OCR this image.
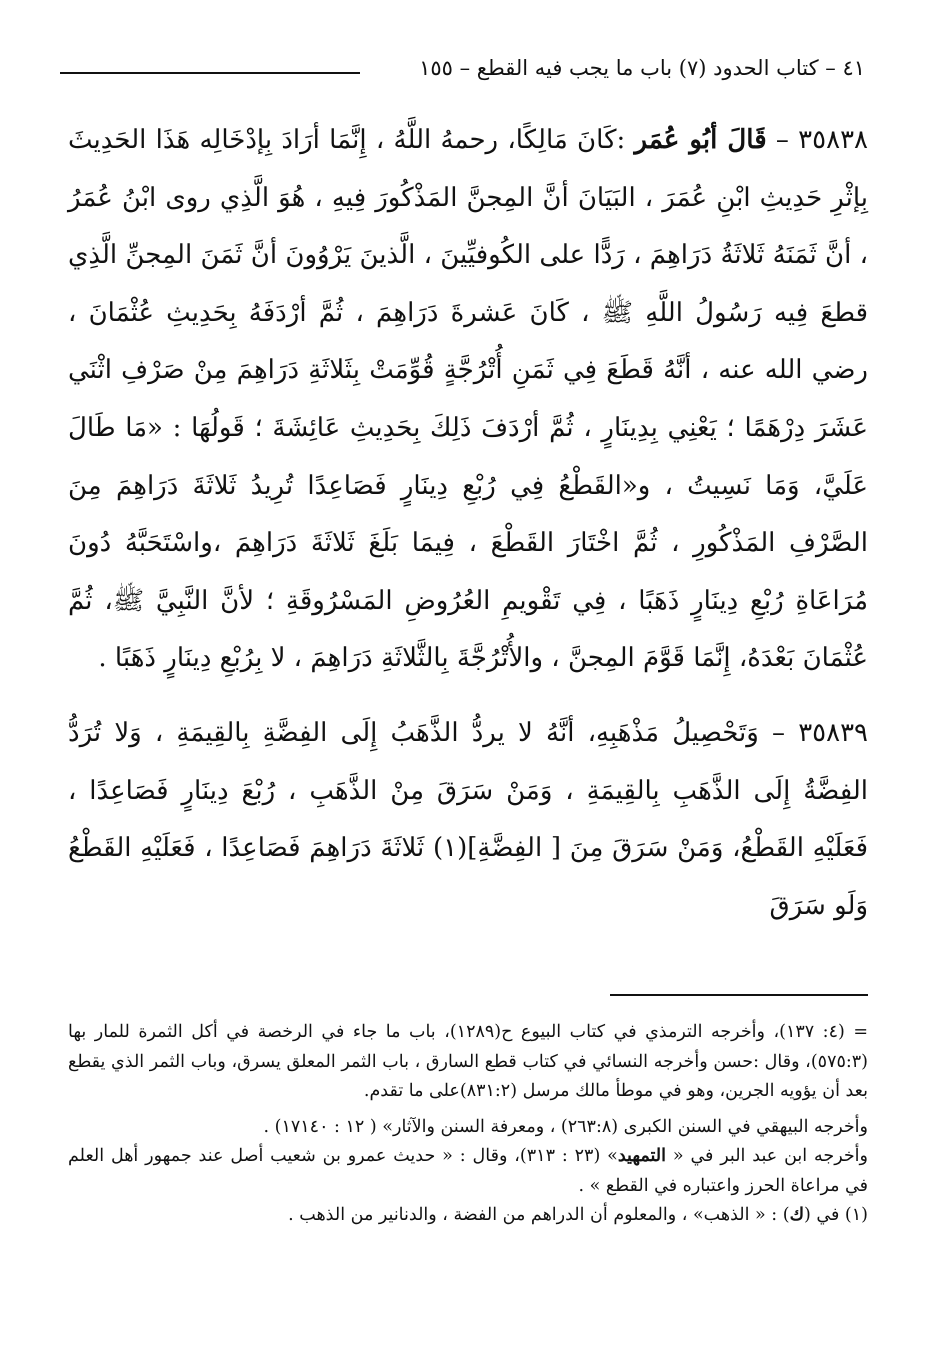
٤١ – كتاب الحدود (٧) باب ما يجب فيه القطع – ١٥٥

٣٥٨٣٨ – قَالَ أبُو عُمَر :كَانَ مَالِكًا، رحمهُ اللَّهُ ، إِنَّمَا أرَادَ بِإدْخَالِه هَذَا الحَدِيثَ بِإثْرِ حَدِيثِ ابْنِ عُمَرَ ، البَيَانَ أنَّ المِجنَّ المَذْكُورَ فِيهِ ، هُوَ الَّذِي روى ابْنُ عُمَرُ ، أنَّ ثَمَنَهُ ثَلاثَةُ دَرَاهِمَ ، رَدًّا على الكُوفيِّينَ ، الَّذينَ يَرْوُونَ أنَّ ثَمَنَ المِجنِّ الَّذِي قطعَ فِيه رَسُولُ اللَّهِ ﷺ ، كَانَ عَشرةَ دَرَاهِمَ ، ثُمَّ أرْدَفَهُ بِحَدِيثِ عُثْمَانَ ، رضي الله عنه ، أنَّهُ قَطَعَ فِي ثَمَنِ أُتْرُجَّةٍ قُوِّمَتْ بِثَلاثَةِ دَرَاهِمَ مِنْ صَرْفِ اثْنَي عَشَرَ دِرْهَمًا ؛ يَعْنِي بِدِينَارٍ ، ثُمَّ أرْدَفَ ذَلِكَ بِحَدِيثِ عَائِشَةَ ؛ قَولُهَا : «مَا طَالَ عَلَيَّ، وَمَا نَسِيتُ ، و«القَطْعُ فِي رُبْعِ دِينَارٍ فَصَاعِدًا تُرِيدُ ثَلاثَةَ دَرَاهِمَ مِنَ الصَّرْفِ المَذْكُورِ ، ثُمَّ اخْتَارَ القَطْعَ ، فِيمَا بَلَغَ ثَلاثَةَ دَرَاهِمَ ،واسْتَحَبَّهُ دُونَ مُرَاعَاةِ رُبْعِ دِينَارٍ ذَهَبًا ، فِي تَقْويمِ العُرُوضِ المَسْرُوقَةِ ؛ لأنَّ النَّبِيَّ ﷺ، ثُمَّ عُثْمَانَ بَعْدَهُ، إِنَّمَا قَوَّمَ المِجنَّ ، والأُتْرُجَّةَ بِالثَّلاثَةِ دَرَاهِمَ ، لا بِرُبْعِ دِينَارٍ ذَهَبًا .

٣٥٨٣٩ – وَتَحْصِيلُ مَذْهَبِهِ، أنَّهُ لا يردُّ الذَّهَبُ إِلَى الفِضَّةِ بِالقِيمَةِ ، وَلا تُرَدُّ الفِضَّةُ إِلَى الذَّهَبِ بِالقِيمَةِ ، وَمَنْ سَرَقَ مِنْ الذَّهَبِ ، رُبْعَ دِينَارٍ فَصَاعِدًا ، فَعَلَيْهِ القَطْعُ، وَمَنْ سَرَقَ مِنَ [ الفِضَّةِ](١) ثَلاثَةَ دَرَاهِمَ فَصَاعِدًا ، فَعَلَيْهِ القَطْعُ وَلَو سَرَقَ

= (٤: ١٣٧)، وأخرجه الترمذي في كتاب البيوع ح(١٢٨٩)، باب ما جاء في الرخصة في أكل الثمرة للمار بها (٥٧٥:٣)، وقال :حسن وأخرجه النسائي في كتاب قطع السارق ، باب الثمر المعلق يسرق، وباب الثمر الذي يقطع بعد أن يؤويه الجرين، وهو في موطأ مالك مرسل (٨٣١:٢)على ما تقدم.

وأخرجه البيهقي في السنن الكبرى (٢٦٣:٨) ، ومعرفة السنن والآثار» ( ١٢ : ١٧١٤٠) .

وأخرجه ابن عبد البر في « التمهيد» (٢٣ : ٣١٣)، وقال : « حديث عمرو بن شعيب أصل عند جمهور أهل العلم في مراعاة الحرز واعتباره في القطع » .

(١) في (ك) : « الذهب» ، والمعلوم أن الدراهم من الفضة ، والدنانير من الذهب .
